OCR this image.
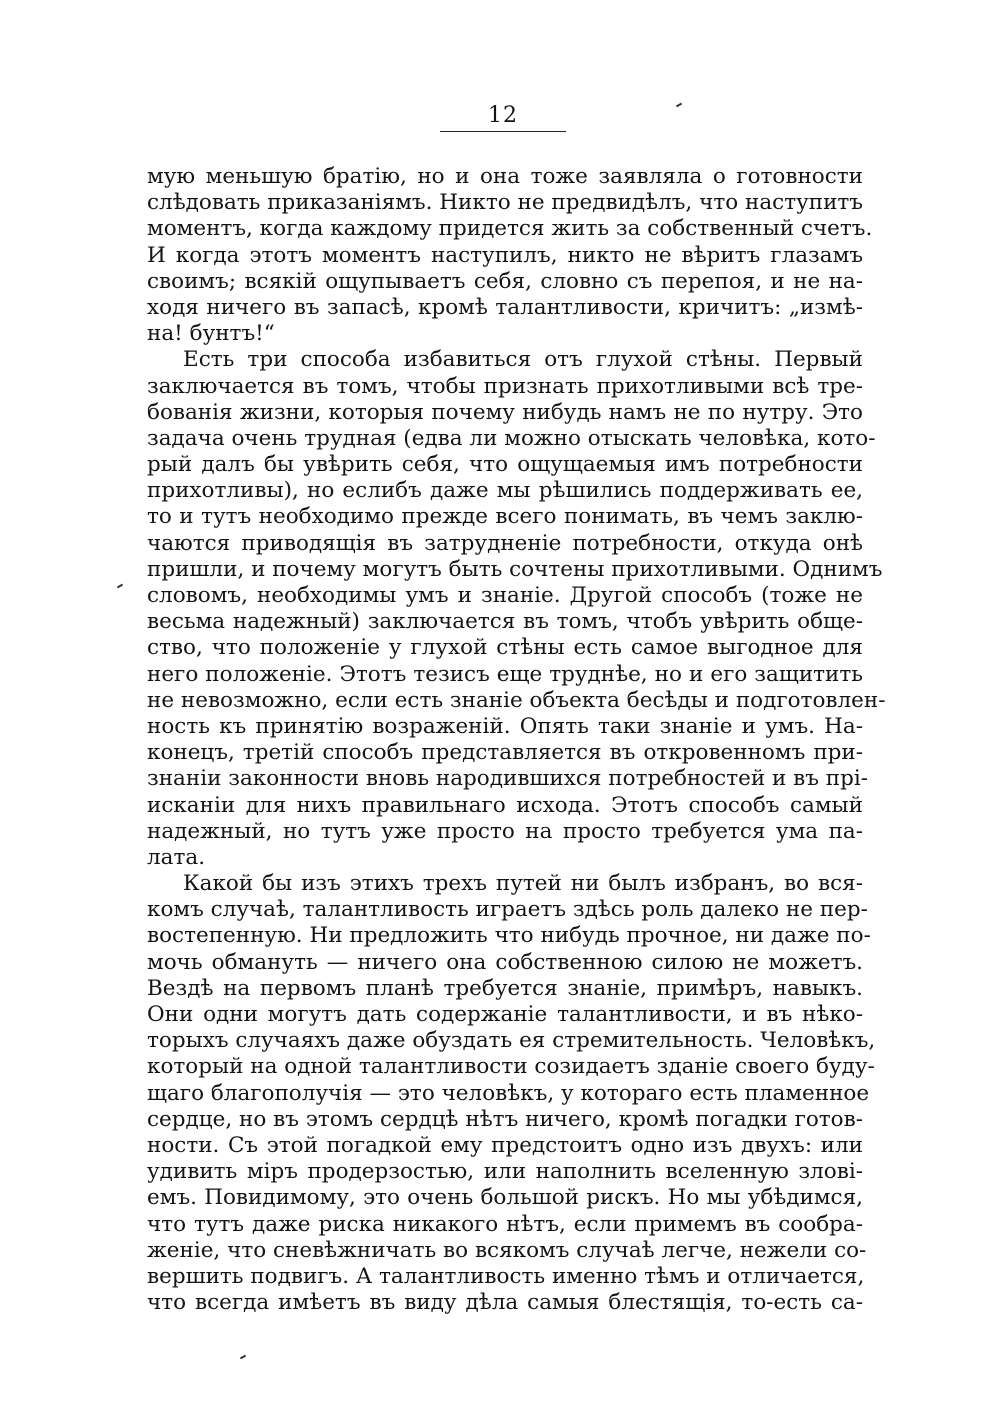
12
мую меньшую братію, но и она тоже заявляла о готовности
слѣдовать приказаніямъ. Никто не предвидѣлъ, что наступитъ
моментъ, когда каждому придется жить за собственный счетъ.
И когда этотъ моментъ наступилъ, никто не вѣритъ глазамъ
своимъ; всякій ощупываетъ себя, словно съ перепоя, и не на-
ходя ничего въ запасѣ, кромѣ талантливости, кричитъ: „измѣ-
на! бунтъ!“
Есть три способа избавиться отъ глухой стѣны. Первый
заключается въ томъ, чтобы признать прихотливыми всѣ тре-
бованія жизни, которыя почему нибудь намъ не по нутру. Это
задача очень трудная (едва ли можно отыскать человѣка, кото-
рый далъ бы увѣрить себя, что ощущаемыя имъ потребности
прихотливы), но еслибъ даже мы рѣшились поддерживать ее,
то и тутъ необходимо прежде всего понимать, въ чемъ заклю-
чаются приводящія въ затрудненіе потребности, откуда онѣ
пришли, и почему могутъ быть сочтены прихотливыми. Однимъ
словомъ, необходимы умъ и знаніе. Другой способъ (тоже не
весьма надежный) заключается въ томъ, чтобъ увѣрить обще-
ство, что положеніе у глухой стѣны есть самое выгодное для
него положеніе. Этотъ тезисъ еще труднѣе, но и его защитить
не невозможно, если есть знаніе объекта бесѣды и подготовлен-
ность къ принятію возраженій. Опять таки знаніе и умъ. На-
конецъ, третій способъ представляется въ откровенномъ при-
знаніи законности вновь народившихся потребностей и въ прі-
исканіи для нихъ правильнаго исхода. Этотъ способъ самый
надежный, но тутъ уже просто на просто требуется ума па-
лата.
Какой бы изъ этихъ трехъ путей ни былъ избранъ, во вся-
комъ случаѣ, талантливость играетъ здѣсь роль далеко не пер-
востепенную. Ни предложить что нибудь прочное, ни даже по-
мочь обмануть — ничего она собственною силою не можетъ.
Вездѣ на первомъ планѣ требуется знаніе, примѣръ, навыкъ.
Они одни могутъ дать содержаніе талантливости, и въ нѣко-
торыхъ случаяхъ даже обуздать ея стремительность. Человѣкъ,
который на одной талантливости созидаетъ зданіе своего буду-
щаго благополучія — это человѣкъ, у котораго есть пламенное
сердце, но въ этомъ сердцѣ нѣтъ ничего, кромѣ погадки готов-
ности. Съ этой погадкой ему предстоитъ одно изъ двухъ: или
удивить міръ продерзостью, или наполнить вселенную злові-
емъ. Повидимому, это очень большой рискъ. Но мы убѣдимся,
что тутъ даже риска никакого нѣтъ, если примемъ въ сообра-
женіе, что сневѣжничать во всякомъ случаѣ легче, нежели со-
вершить подвигъ. А талантливость именно тѣмъ и отличается,
что всегда имѣетъ въ виду дѣла самыя блестящія, то-есть са-
